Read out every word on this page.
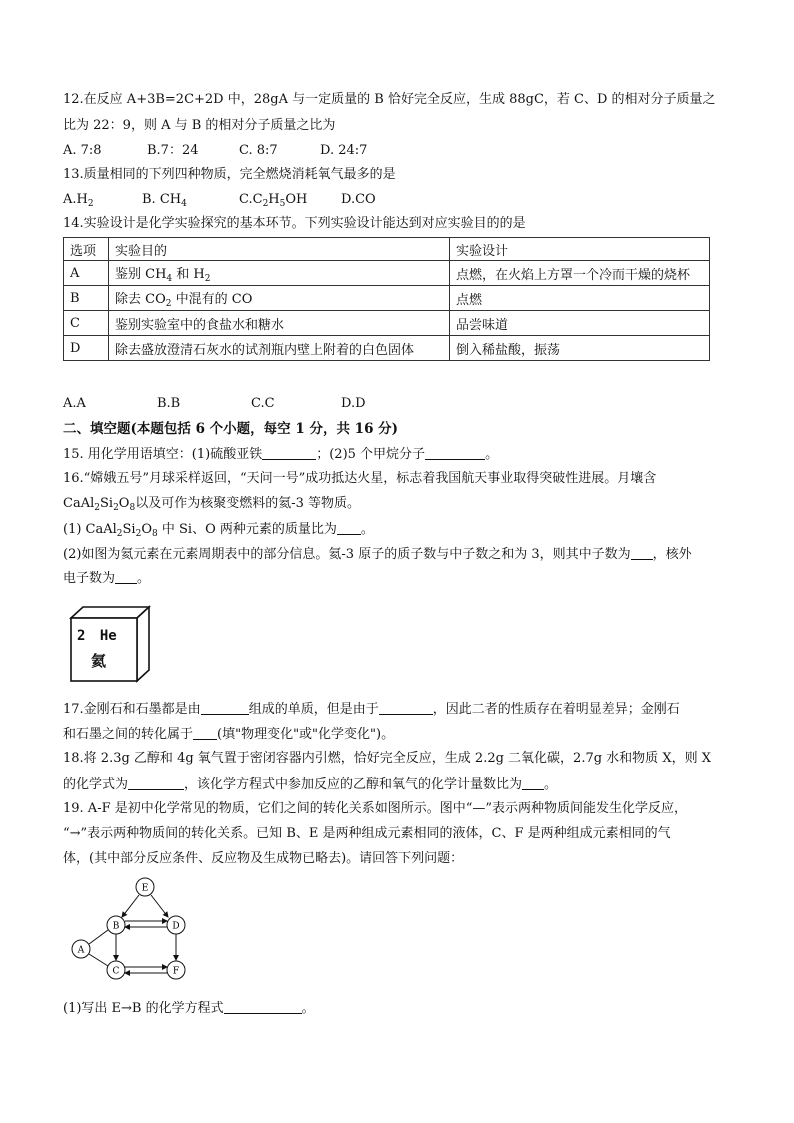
12.在反应 A+3B=2C+2D 中，28gA 与一定质量的 B 恰好完全反应，生成 88gC，若 C、D 的相对分子质量之
比为 22：9，则 A 与 B 的相对分子质量之比为
A. 7:8	B.7：24	C. 8:7	D. 24:7
13.质量相同的下列四种物质，完全燃烧消耗氧气最多的是
$A.H_2$	B. $CH_4$	$C.C_2H_5OH$	D.CO
14.实验设计是化学实验探究的基本环节。下列实验设计能达到对应实验目的的是
选项	实验目的	实验设计
A	鉴别 $CH_4$ 和 $H_2$	点燃，在火焰上方罩一个冷而干燥的烧杯
B	除去 $CO_2$ 中混有的 CO	点燃
C	鉴别实验室中的食盐水和糖水	品尝味道
D	除去盛放澄清石灰水的试剂瓶内壁上附着的白色固体	倒入稀盐酸，振荡
A.A	B.B	C.C	D.D
二、填空题(本题包括 6 个小题，每空 1 分，共 16 分)
15. 用化学用语填空：(1)硫酸亚铁	；(2)5 个甲烷分子	。
16.“嫦娥五号”月球采样返回，“天问一号”成功抵达火星，标志着我国航天事业取得突破性进展。月壤含
$CaAl_2Si_2O_8$以及可作为核聚变燃料的氦-3 等物质。
(1) $CaAl_2Si_2O_8$ 中 Si、O 两种元素的质量比为 。
(2)如图为氦元素在元素周期表中的部分信息。氦-3 原子的质子数与中子数之和为 3，则其中子数为 ，核外
电子数为 。
2 He
氦
17.金刚石和石墨都是由	组成的单质，但是由于	，因此二者的性质存在着明显差异；金刚石
和石墨之间的转化属于 (填"物理变化"或"化学变化")。
18.将 2.3g 乙醇和 4g 氧气置于密闭容器内引燃，恰好完全反应，生成 2.2g 二氧化碳，2.7g 水和物质 X，则 X
的化学式为	，该化学方程式中参加反应的乙醇和氧气的化学计量数比为 。
19. A-F 是初中化学常见的物质，它们之间的转化关系如图所示。图中“—”表示两种物质间能发生化学反应，
“→”表示两种物质间的转化关系。已知 B、E 是两种组成元素相同的液体，C、F 是两种组成元素相同的气
体，(其中部分反应条件、反应物及生成物已略去)。请回答下列问题：
E
B	D
A
C	F
(1)写出 E→B 的化学方程式	。
